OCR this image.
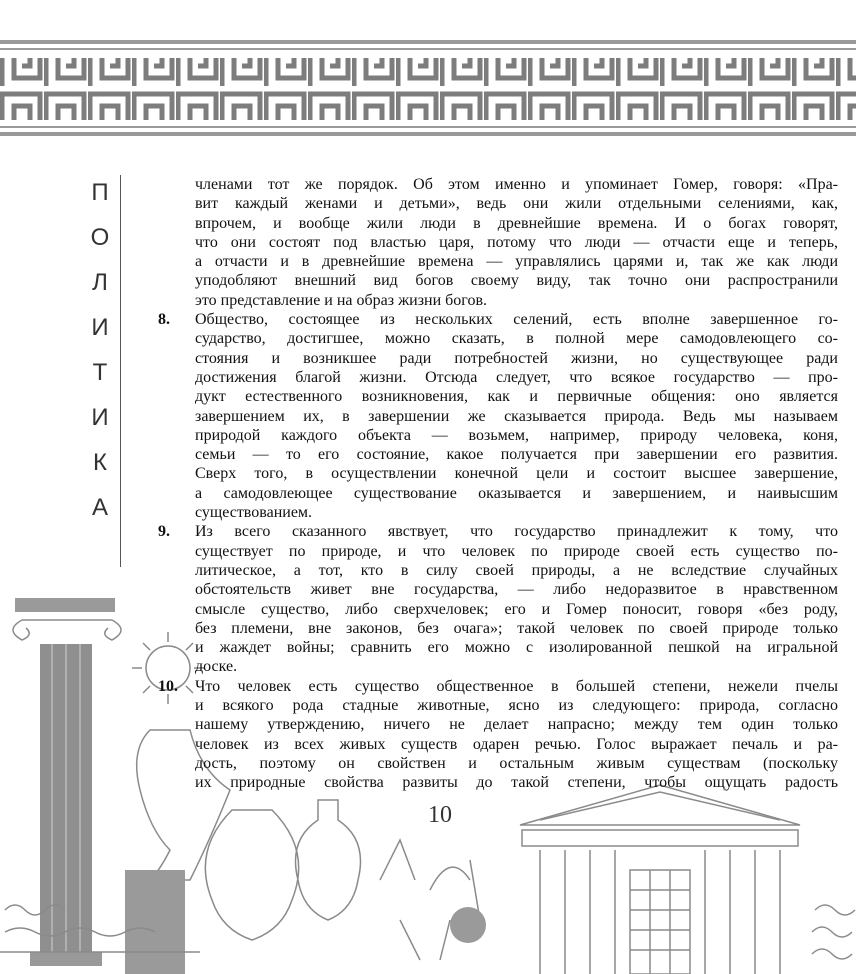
П
О
Л
И
Т
И
К
А
членами тот же порядок. Об этом именно и упоминает Гомер, говоря: «Пра-
вит каждый женами и детьми», ведь они жили отдельными селениями, как,
впрочем, и вообще жили люди в древнейшие времена. И о богах говорят,
что они состоят под властью царя, потому что люди — отчасти еще и теперь,
а отчасти и в древнейшие времена — управлялись царями и, так же как люди
уподобляют внешний вид богов своему виду, так точно они распространили
это представление и на образ жизни богов.
8. Общество, состоящее из нескольких селений, есть вполне завершенное го-
сударство, достигшее, можно сказать, в полной мере самодовлеющего со-
стояния и возникшее ради потребностей жизни, но существующее ради
достижения благой жизни. Отсюда следует, что всякое государство — про-
дукт естественного возникновения, как и первичные общения: оно является
завершением их, в завершении же сказывается природа. Ведь мы называем
природой каждого объекта — возьмем, например, природу человека, коня,
семьи — то его состояние, какое получается при завершении его развития.
Сверх того, в осуществлении конечной цели и состоит высшее завершение,
а самодовлеющее существование оказывается и завершением, и наивысшим
существованием.
9. Из всего сказанного явствует, что государство принадлежит к тому, что
существует по природе, и что человек по природе своей есть существо по-
литическое, а тот, кто в силу своей природы, а не вследствие случайных
обстоятельств живет вне государства, — либо недоразвитое в нравственном
смысле существо, либо сверхчеловек; его и Гомер поносит, говоря «без роду,
без племени, вне законов, без очага»; такой человек по своей природе только
и жаждет войны; сравнить его можно с изолированной пешкой на игральной
доске.
10. Что человек есть существо общественное в большей степени, нежели пчелы
и всякого рода стадные животные, ясно из следующего: природа, согласно
нашему утверждению, ничего не делает напрасно; между тем один только
человек из всех живых существ одарен речью. Голос выражает печаль и ра-
дость, поэтому он свойствен и остальным живым существам (поскольку
их природные свойства развиты до такой степени, чтобы ощущать радость
10
